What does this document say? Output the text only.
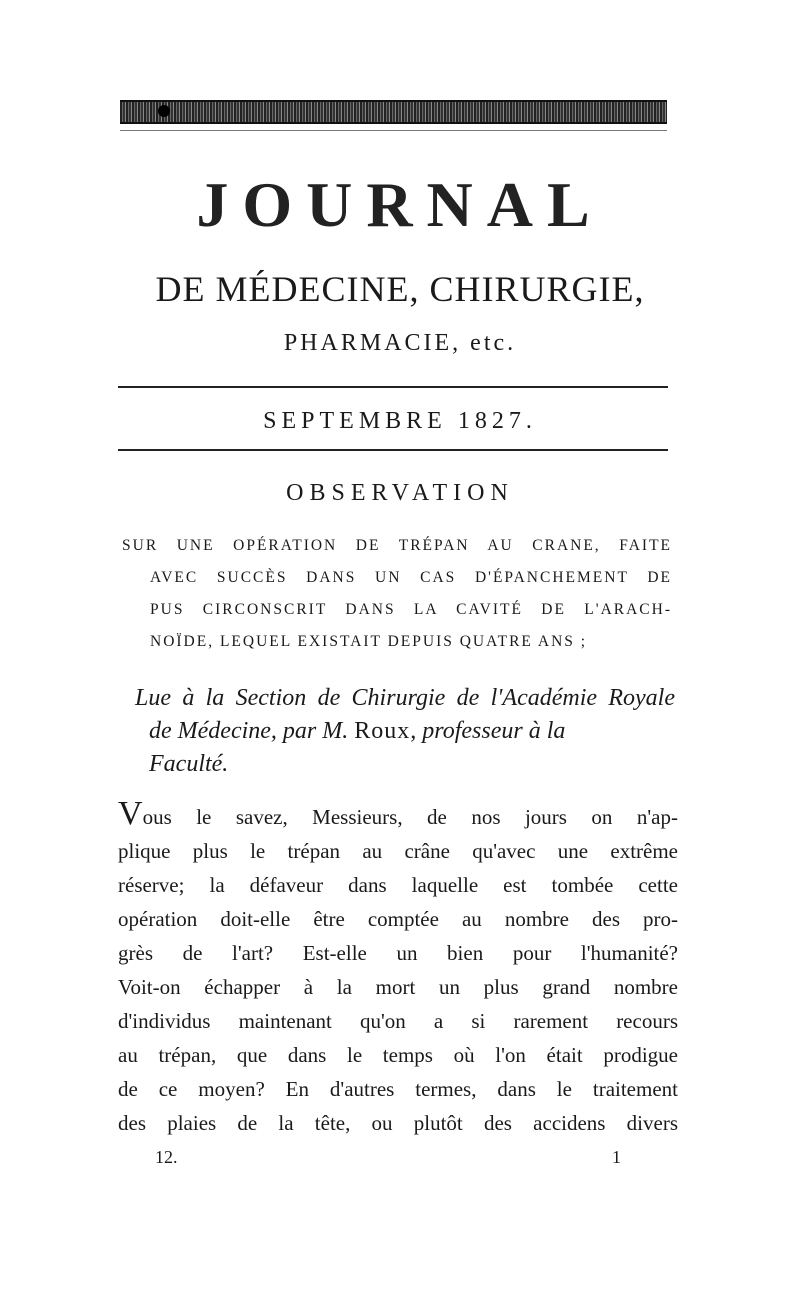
JOURNAL
DE MÉDECINE, CHIRURGIE,
PHARMACIE, etc.
SEPTEMBRE 1827.
OBSERVATION
SUR UNE OPÉRATION DE TRÉPAN AU CRANE, FAITE
AVEC SUCCÈS DANS UN CAS D'ÉPANCHEMENT DE
PUS CIRCONSCRIT DANS LA CAVITÉ DE L'ARACH-
NOÏDE, LEQUEL EXISTAIT DEPUIS QUATRE ANS ;
Lue à la Section de Chirurgie de l'Académie Royale
de Médecine, par M. Roux, professeur à la
Faculté.
Vous le savez, Messieurs, de nos jours on n'ap-
plique plus le trépan au crâne qu'avec une extrême
réserve; la défaveur dans laquelle est tombée cette
opération doit-elle être comptée au nombre des pro-
grès de l'art? Est-elle un bien pour l'humanité?
Voit-on échapper à la mort un plus grand nombre
d'individus maintenant qu'on a si rarement recours
au trépan, que dans le temps où l'on était prodigue
de ce moyen? En d'autres termes, dans le traitement
des plaies de la tête, ou plutôt des accidens divers
12.	1
